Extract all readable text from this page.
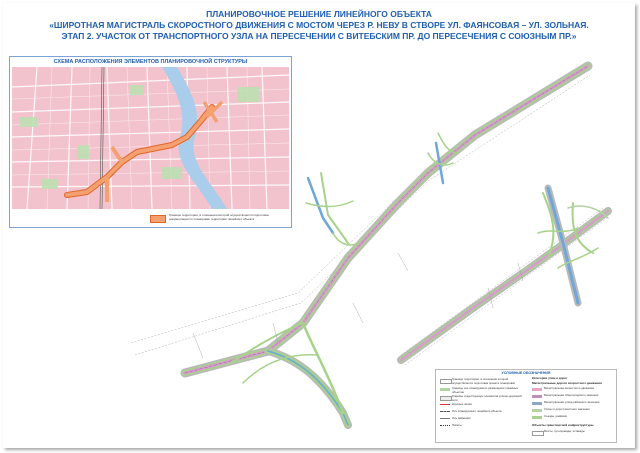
ПЛАНИРОВОЧНОЕ РЕШЕНИЕ ЛИНЕЙНОГО ОБЪЕКТА
«ШИРОТНАЯ МАГИСТРАЛЬ СКОРОСТНОГО ДВИЖЕНИЯ С МОСТОМ ЧЕРЕЗ Р. НЕВУ В СТВОРЕ УЛ. ФАЯНСОВАЯ – УЛ. ЗОЛЬНАЯ.
ЭТАП 2. УЧАСТОК ОТ ТРАНСПОРТНОГО УЗЛА НА ПЕРЕСЕЧЕНИИ С ВИТЕБСКИМ ПР. ДО ПЕРЕСЕЧЕНИЯ С СОЮЗНЫМ ПР.»
СХЕМА РАСПОЛОЖЕНИЯ ЭЛЕМЕНТОВ ПЛАНИРОВОЧНОЙ СТРУКТУРЫ
Границы территории, в отношении которой осуществляется подготовка документации по планировке территории линейного объекта
УСЛОВНЫЕ ОБОЗНАЧЕНИЯ
Категории улиц и дорог
Магистральные дороги скоростного движения
Границы территории, в отношении которой осуществляется подготовка проекта планировки
Границы зон планируемого размещения линейных объектов
Границы существующих элементов улично-дорожной сети
Красные линии
Ось планируемого линейного объекта
Ось движения
Пикеты
Магистральная скоростного движения
Магистральная общегородского значения
Магистральная улица районного значения
Улицы и дороги местного значения
Съезды, развязки
Объекты транспортной инфраструктуры
Мосты, путепроводы, эстакады
